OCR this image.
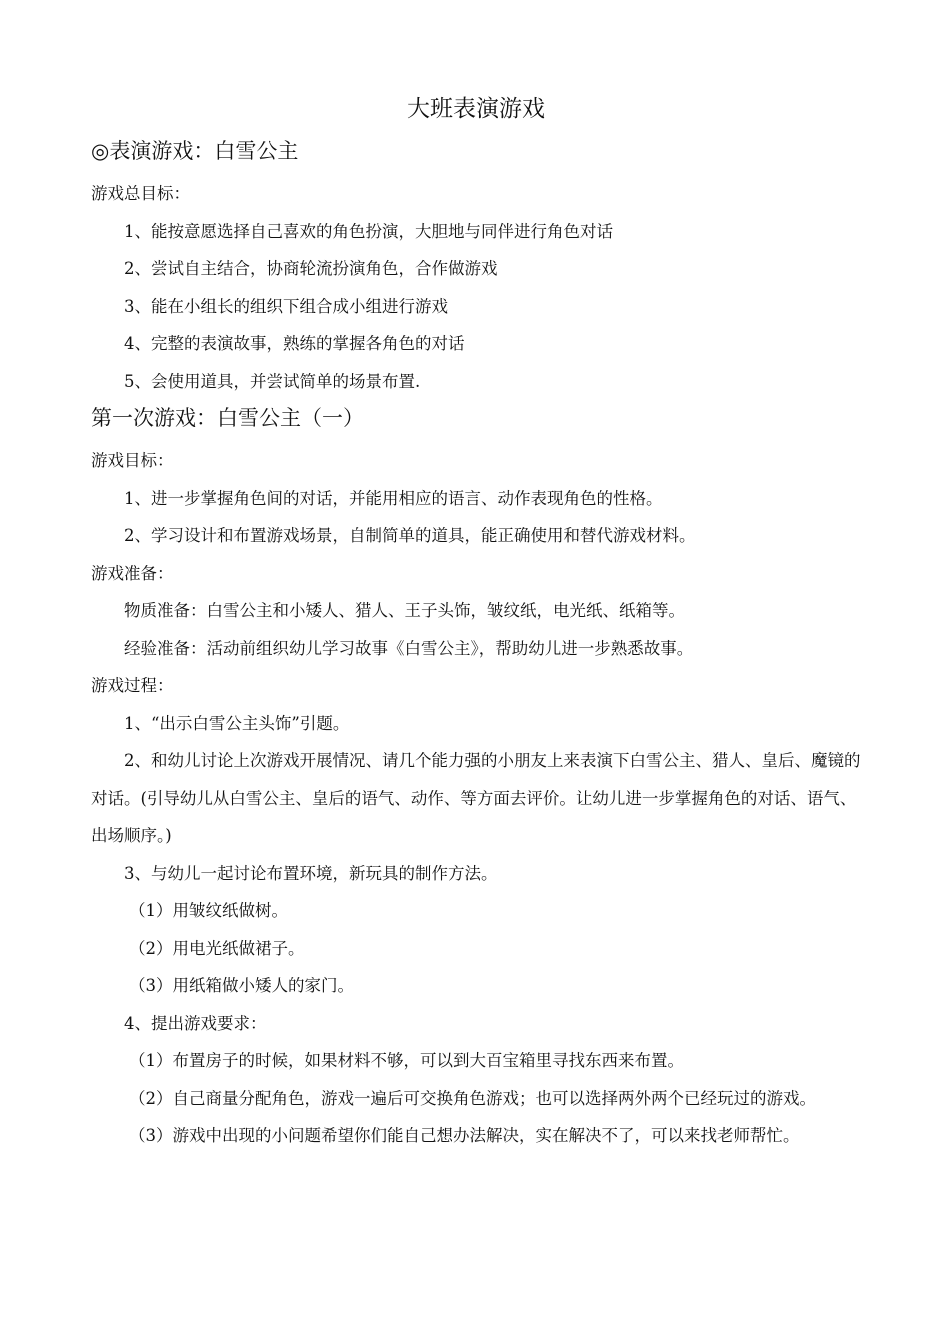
大班表演游戏
◎表演游戏：白雪公主
游戏总目标：
1、能按意愿选择自己喜欢的角色扮演，大胆地与同伴进行角色对话
2、尝试自主结合，协商轮流扮演角色，合作做游戏
3、能在小组长的组织下组合成小组进行游戏
4、完整的表演故事，熟练的掌握各角色的对话
5、会使用道具，并尝试简单的场景布置.
第一次游戏：白雪公主（一）
游戏目标：
1、进一步掌握角色间的对话，并能用相应的语言、动作表现角色的性格。
2、学习设计和布置游戏场景，自制简单的道具，能正确使用和替代游戏材料。
游戏准备：
物质准备：白雪公主和小矮人、猎人、王子头饰，皱纹纸，电光纸、纸箱等。
经验准备：活动前组织幼儿学习故事《白雪公主》，帮助幼儿进一步熟悉故事。
游戏过程：
1、“出示白雪公主头饰”引题。
2、和幼儿讨论上次游戏开展情况、请几个能力强的小朋友上来表演下白雪公主、猎人、皇后、魔镜的对话。(引导幼儿从白雪公主、皇后的语气、动作、等方面去评价。让幼儿进一步掌握角色的对话、语气、出场顺序。)
3、与幼儿一起讨论布置环境，新玩具的制作方法。
（1）用皱纹纸做树。
（2）用电光纸做裙子。
（3）用纸箱做小矮人的家门。
4、提出游戏要求：
（1）布置房子的时候，如果材料不够，可以到大百宝箱里寻找东西来布置。
（2）自己商量分配角色，游戏一遍后可交换角色游戏；也可以选择两外两个已经玩过的游戏。
（3）游戏中出现的小问题希望你们能自己想办法解决，实在解决不了，可以来找老师帮忙。
